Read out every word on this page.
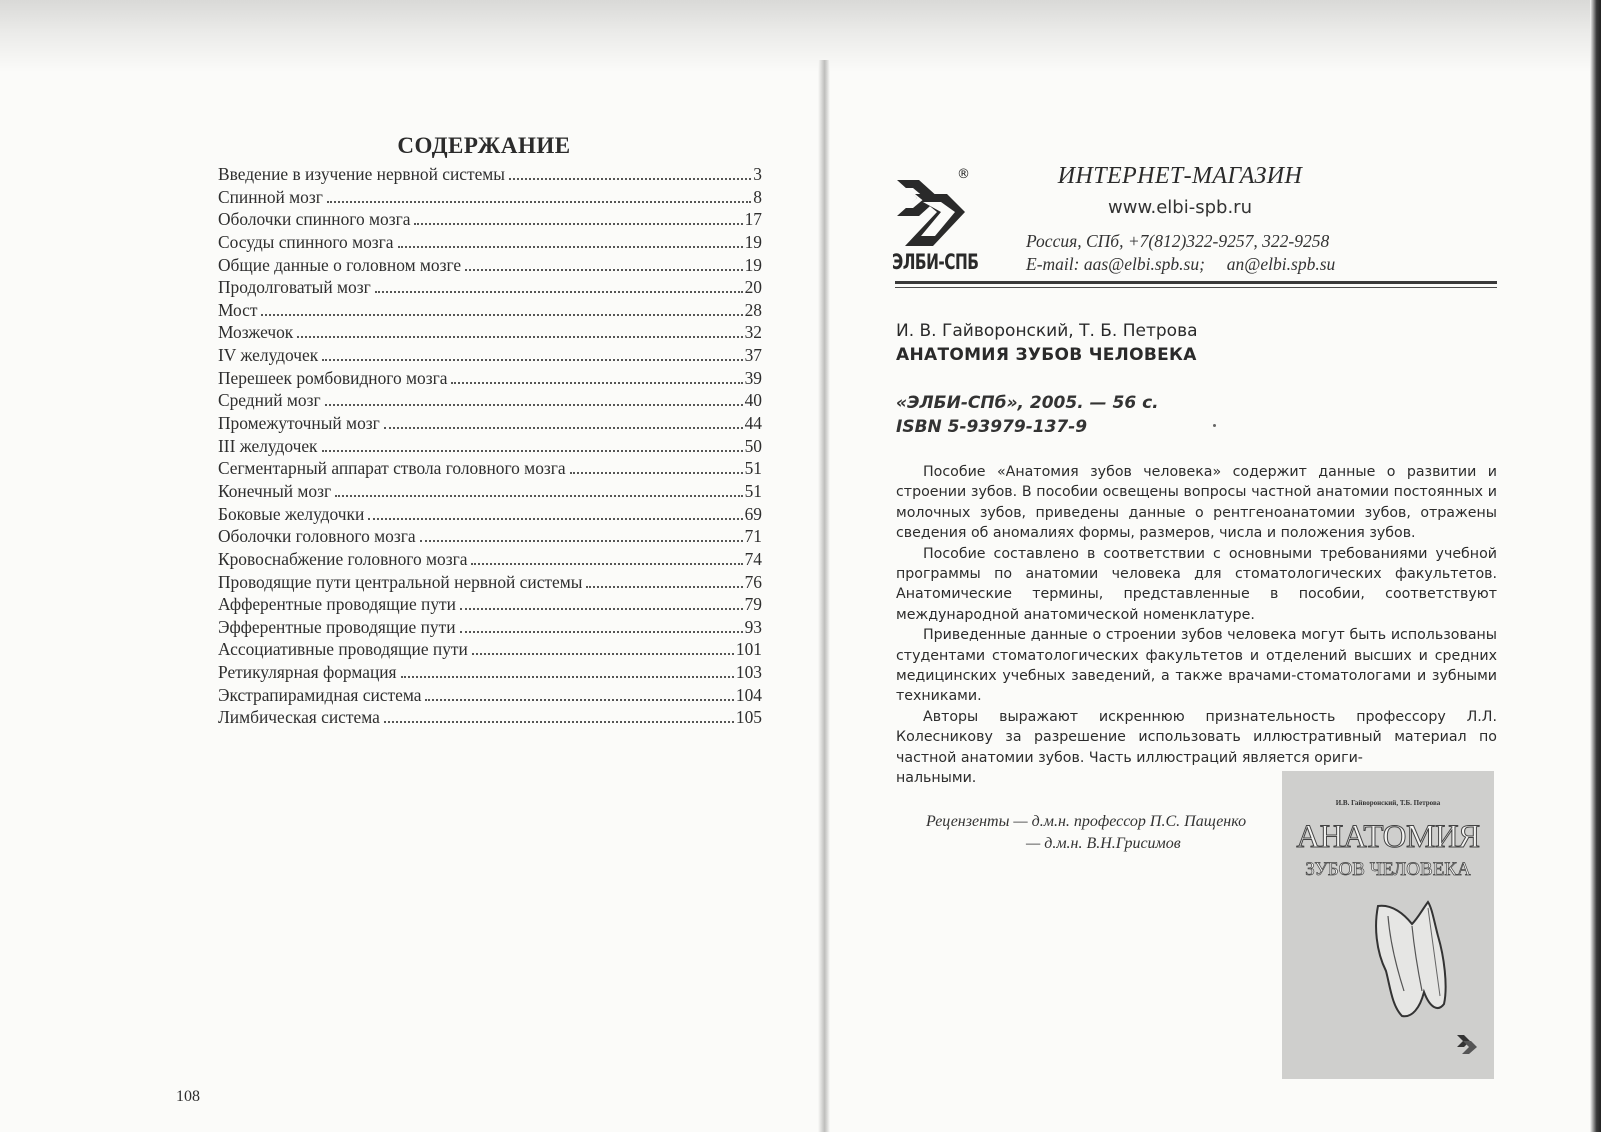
СОДЕРЖАНИЕ
Введение в изучение нервной системы	3
Спинной мозг	8
Оболочки спинного мозга	17
Сосуды спинного мозга	19
Общие данные о головном мозге	19
Продолговатый мозг	20
Мост	28
Мозжечок	32
IV желудочек	37
Перешеек ромбовидного мозга	39
Средний мозг	40
Промежуточный мозг	44
III желудочек	50
Сегментарный аппарат ствола головного мозга	51
Конечный мозг	51
Боковые желудочки	69
Оболочки головного мозга	71
Кровоснабжение головного мозга	74
Проводящие пути центральной нервной системы	76
Афферентные проводящие пути	79
Эфферентные проводящие пути	93
Ассоциативные проводящие пути	101
Ретикулярная формация	103
Экстрапирамидная система	104
Лимбическая система	105
108
®
ЭЛБИ-СПБ
ИНТЕРНЕТ-МАГАЗИН
www.elbi-spb.ru
Россия, СПб, +7(812)322-9257, 322-9258
E-mail: aas@elbi.spb.su;     an@elbi.spb.su
И. В. Гайворонский, Т. Б. Петрова
АНАТОМИЯ ЗУБОВ ЧЕЛОВЕКА
«ЭЛБИ-СПб», 2005. — 56 с.
ISBN 5-93979-137-9

Пособие «Анатомия зубов человека» содержит данные о развитии и строении зубов. В пособии освещены вопросы частной анатомии постоянных и молочных зубов, приведены данные о рентгеноанатомии зубов, отражены сведения об аномалиях формы, размеров, числа и положения зубов.

Пособие составлено в соответствии с основными требованиями учебной программы по анатомии человека для стоматологических факультетов. Анатомические термины, представленные в пособии, соответствуют международной анатомической номенклатуре.

Приведенные данные о строении зубов человека могут быть использованы студентами стоматологических факультетов и отделений высших и средних медицинских учебных заведений, а также врачами-стоматологами и зубными техниками.

Авторы выражают искреннюю признательность профессору Л.Л. Колесникову за разрешение использовать иллюстративный материал по частной анатомии зубов. Часть иллюстраций является ориги-

нальными.

Рецензенты — д.м.н. профессор П.С. Пащенко
— д.м.н. В.Н.Грисимов
И.В. Гайворонский, Т.Б. Петрова
АНАТОМИЯ
ЗУБОВ ЧЕЛОВЕКА
